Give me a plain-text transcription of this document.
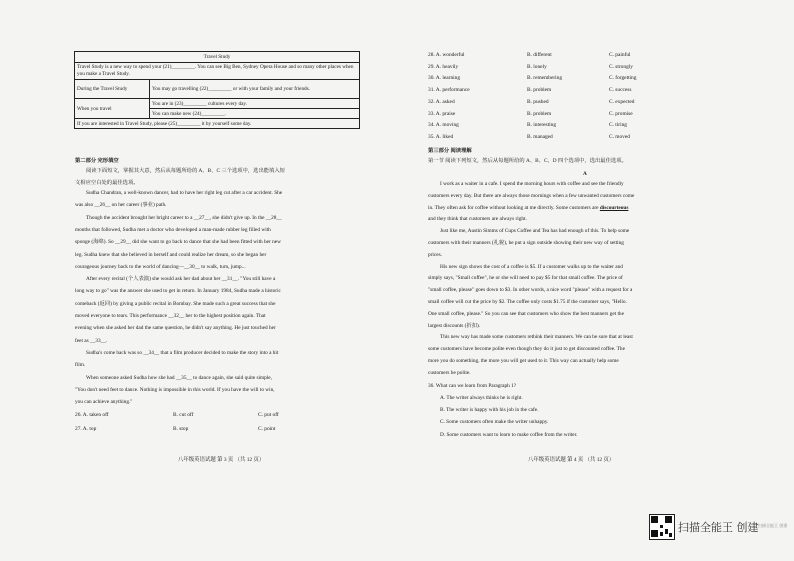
Travel Study	
Travel Study is a new way to spend your (21)_________. You can see Big Ben, Sydney Opera House and so many other places when you make a Travel Study.	
During the Travel Study	You may go travelling (22)_________ or with your family and your friends.
When you travel	You are in (23)_________ cultures every day.
	You can make new (24)_________.
If you are interested in Travel Study, please (25)_________ it by yourself some day.	
第二部分 完形填空
阅读下面短文，掌握其大意，然后从每题所给的 A、B、C 三个选项中，选出能填入短
文相应空白处的最佳选项。
Sudha Chandran, a well-known dancer, had to have her right leg cut after a car accident. She
was also __26__ on her career (事业) path.
Though the accident brought her bright career to a __27__, she didn't give up. In the __28__
months that followed, Sudha met a doctor who developed a man-made rubber leg filled with
sponge (海绵). So __29__ did she want to go back to dance that she had been fitted with her new
leg. Sudha knew that she believed in herself and could realize her dream, so she began her
courageous journey back to the world of dancing—__30__ to walk, turn, jump...
After every recital (个人表演) she would ask her dad about her __31__. "You still have a
long way to go" was the answer she used to get in return. In January 1984, Sudha made a historic
comeback (返回) by giving a public recital in Bombay. She made such a great success that she
moved everyone to tears. This performance __32__ her to the highest position again. That
evening when she asked her dad the same question, he didn't say anything. He just touched her
feet as __33__.
Sudha's come back was so __34__ that a film producer decided to make the story into a hit
film.
When someone asked Sudha how she had __35__ to dance again, she said quite simple,
"You don't need feet to dance. Nothing is impossible in this world. If you have the will to win,
you can achieve anything."
26. A. taken off	B. cut off	C. put off
27. A. top	B. stop	C. point
八年级英语试题 第 3 页 （共 12 页）
28. A. wonderful	B. different	C. painful
29. A. heavily	B. lonely	C. strongly
30. A. learning	B. remembering	C. forgetting
31. A. performance	B. problem	C. success
32. A. asked	B. pushed	C. expected
33. A. praise	B. problem	C. promise
34. A. moving	B. interesting	C. tiring
35. A. liked	B. managed	C. moved
第三部分 阅读理解
第一节 阅读下列短文，然后从每题所给的 A、B、C、D 四个选项中，选出最佳选项。
A
I work as a waiter in a cafe. I spend the morning hours with coffee and see the friendly
customers every day. But there are always those mornings when a few unwanted customers come
in. They often ask for coffee without looking at me directly. Some customers are discourteous
and they think that customers are always right.
Just like me, Austin Simms of Cups Coffee and Tea has had enough of this. To help some
customers with their manners (礼貌), he put a sign outside showing their new way of setting
prices.
His new sign shows the cost of a coffee is $5. If a customer walks up to the waiter and
simply says, "Small coffee", he or she will need to pay $5 for that small coffee. The price of
"small coffee, please" goes down to $3. In other words, a nice word "please" with a request for a
small coffee will cut the price by $2. The coffee only costs $1.75 if the customer says, "Hello.
One small coffee, please." So you can see that customers who show the best manners get the
largest discounts (折扣).
This new way has made some customers rethink their manners. We can be sure that at least
some customers have become polite even though they do it just to get discounted coffee. The
more you do something, the more you will get used to it. This way can actually help some
customers be polite.
36. What can we learn from Paragraph 1?
A. The writer always thinks he is right.
B. The writer is happy with his job in the cafe.
C. Some customers often make the writer unhappy.
D. Some customers want to learn to make coffee from the writer.
八年级英语试题 第 4 页 （共 12 页）
扫描全能王 创建 扫描全能王 创建
